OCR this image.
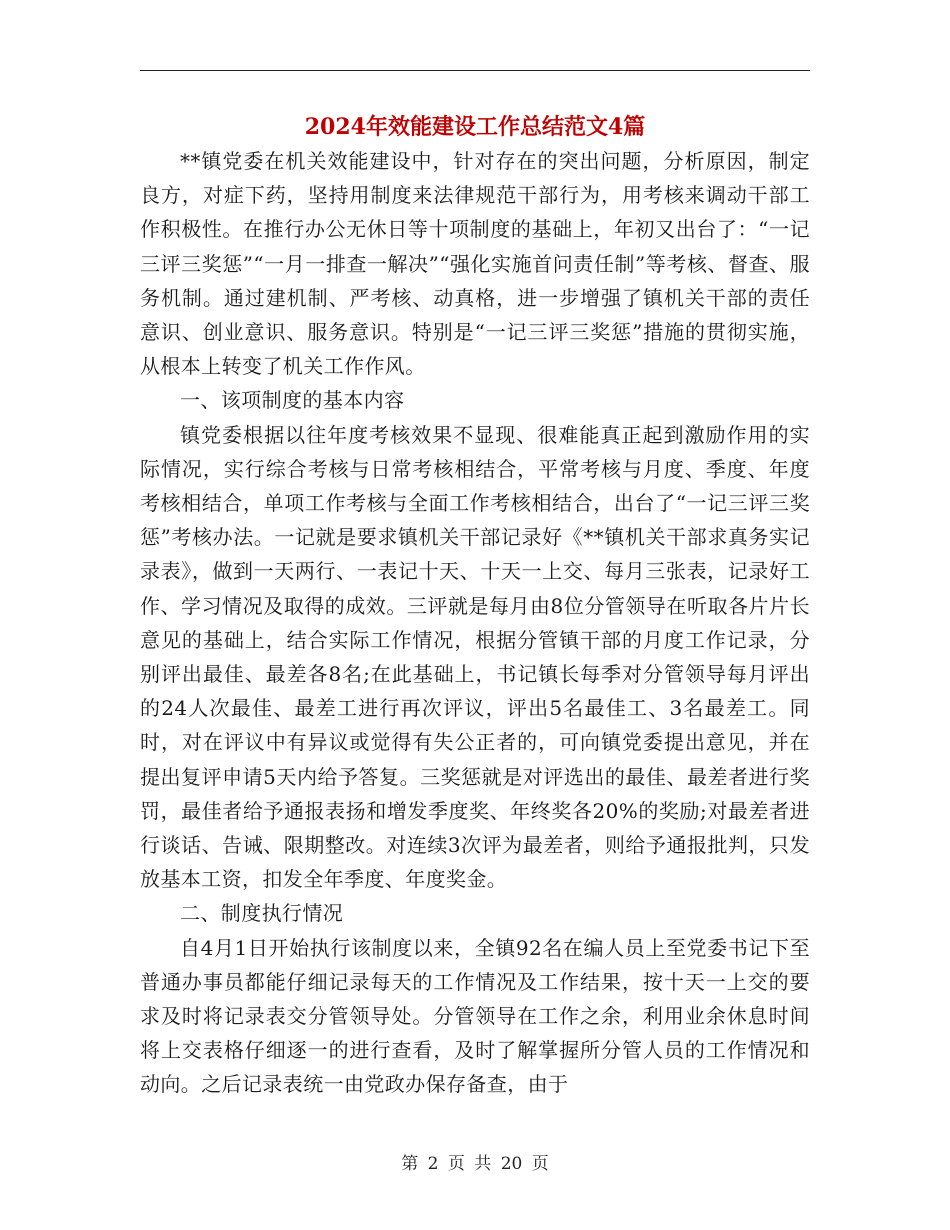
2024年效能建设工作总结范文4篇

**镇党委在机关效能建设中，针对存在的突出问题，分析原因，制定良方，对症下药，坚持用制度来法律规范干部行为，用考核来调动干部工作积极性。在推行办公无休日等十项制度的基础上，年初又出台了：“一记三评三奖惩”“一月一排查一解决”“强化实施首问责任制”等考核、督查、服务机制。通过建机制、严考核、动真格，进一步增强了镇机关干部的责任意识、创业意识、服务意识。特别是“一记三评三奖惩”措施的贯彻实施，从根本上转变了机关工作作风。

一、该项制度的基本内容

镇党委根据以往年度考核效果不显现、很难能真正起到激励作用的实际情况，实行综合考核与日常考核相结合，平常考核与月度、季度、年度考核相结合，单项工作考核与全面工作考核相结合，出台了“一记三评三奖惩”考核办法。一记就是要求镇机关干部记录好《**镇机关干部求真务实记录表》，做到一天两行、一表记十天、十天一上交、每月三张表，记录好工作、学习情况及取得的成效。三评就是每月由8位分管领导在听取各片片长意见的基础上，结合实际工作情况，根据分管镇干部的月度工作记录，分别评出最佳、最差各8名;在此基础上，书记镇长每季对分管领导每月评出的24人次最佳、最差工进行再次评议，评出5名最佳工、3名最差工。同时，对在评议中有异议或觉得有失公正者的，可向镇党委提出意见，并在提出复评申请5天内给予答复。三奖惩就是对评选出的最佳、最差者进行奖罚，最佳者给予通报表扬和增发季度奖、年终奖各20%的奖励;对最差者进行谈话、告诫、限期整改。对连续3次评为最差者，则给予通报批判，只发放基本工资，扣发全年季度、年度奖金。

二、制度执行情况

自4月1日开始执行该制度以来，全镇92名在编人员上至党委书记下至普通办事员都能仔细记录每天的工作情况及工作结果，按十天一上交的要求及时将记录表交分管领导处。分管领导在工作之余，利用业余休息时间将上交表格仔细逐一的进行查看，及时了解掌握所分管人员的工作情况和动向。之后记录表统一由党政办保存备查，由于

第 2 页 共 20 页
